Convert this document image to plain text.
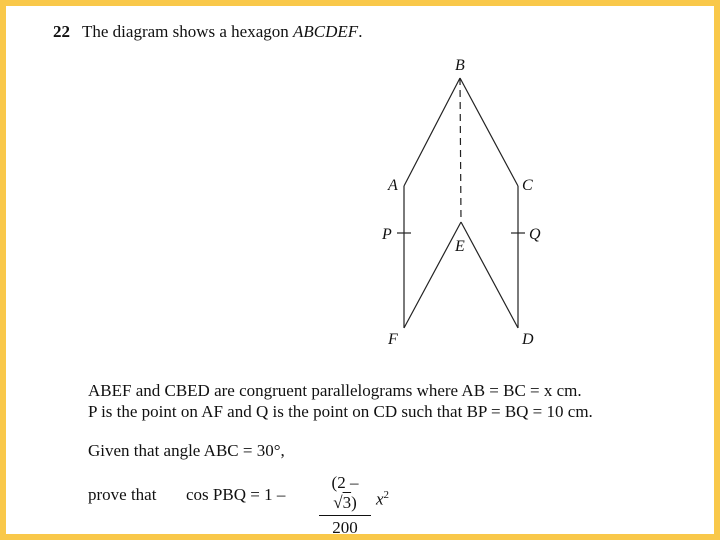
22 The diagram shows a hexagon ABCDEF.
B
A	C
P	Q
E
F	D
ABEF and CBED are congruent parallelograms where AB = BC = x cm.
P is the point on AF and Q is the point on CD such that BP = BQ = 10 cm.
Given that angle ABC = 30°,
prove that cos PBQ = 1 –
(2 – √3)
200
$x^2$
